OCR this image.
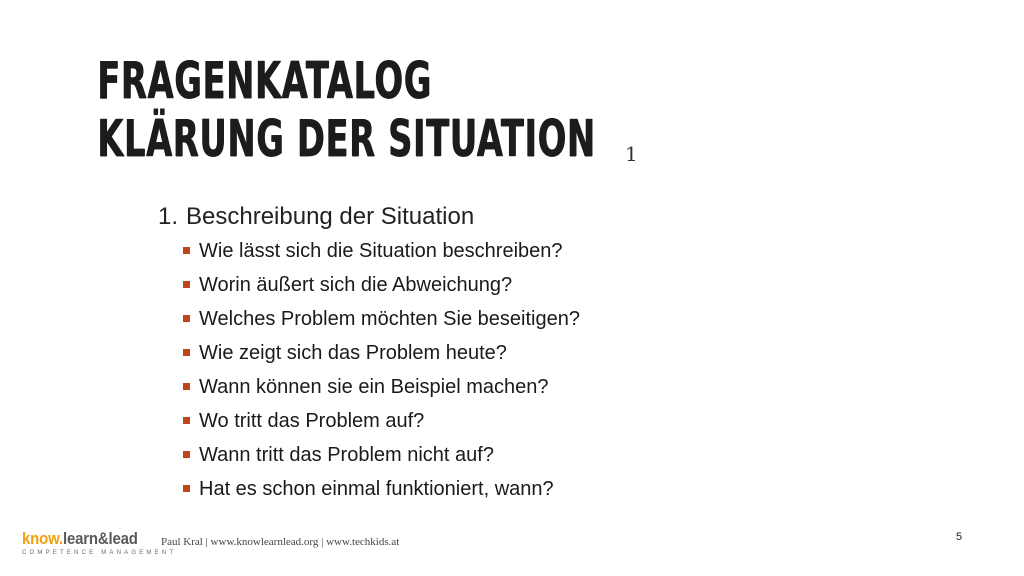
FRAGENKATALOG
KLÄRUNG DER SITUATION 1
1. Beschreibung der Situation
Wie lässt sich die Situation beschreiben?
Worin äußert sich die Abweichung?
Welches Problem möchten Sie beseitigen?
Wie zeigt sich das Problem heute?
Wann können sie ein Beispiel machen?
Wo tritt das Problem auf?
Wann tritt das Problem nicht auf?
Hat es schon einmal funktioniert, wann?
know.learn&lead
COMPETENCE MANAGEMENT
Paul Kral | www.knowlearnlead.org | www.techkids.at	5
